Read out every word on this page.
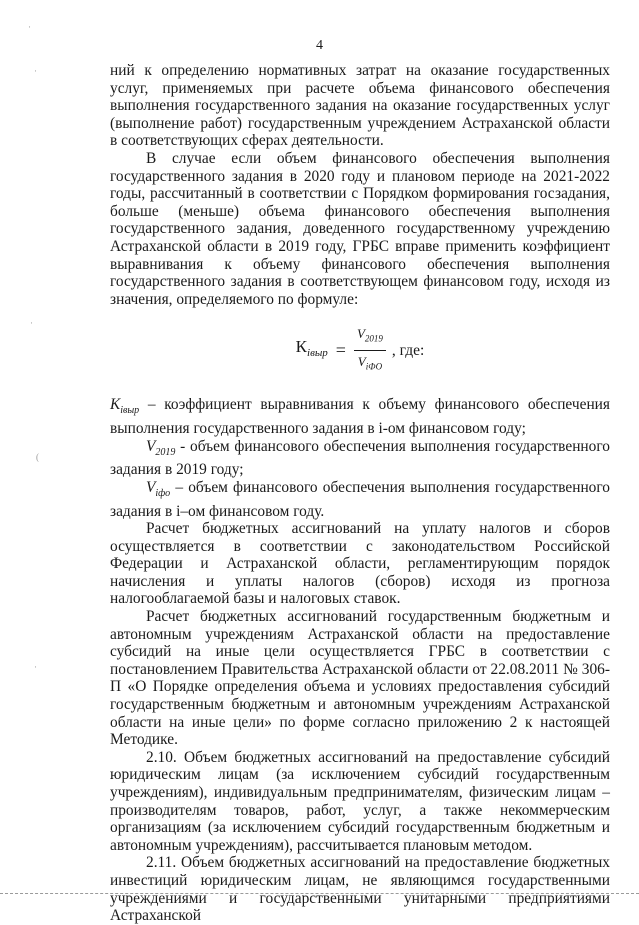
4

ний к определению нормативных затрат на оказание государственных услуг, применяемых при расчете объема финансового обеспечения выполнения государственного задания на оказание государственных услуг (выполнение работ) государственным учреждением Астраханской области в соответствующих сферах деятельности.

В случае если объем финансового обеспечения выполнения государственного задания в 2020 году и плановом периоде на 2021-2022 годы, рассчитанный в соответствии с Порядком формирования госзадания, больше (меньше) объема финансового обеспечения выполнения государственного задания, доведенного государственному учреждению Астраханской области в 2019 году, ГРБС вправе применить коэффициент выравнивания к объему финансового обеспечения выполнения государственного задания в соответствующем финансовом году, исходя из значения, определяемого по формуле:

$К_{iвыр} = \frac{V_{2019}}{V_{iФО}}$ , где:

$К_{iвыр}$ – коэффициент выравнивания к объему финансового обеспечения выполнения государственного задания в i-ом финансовом году;

$V_{2019}$ - объем финансового обеспечения выполнения государственного задания в 2019 году;

$V_{iфо}$ – объем финансового обеспечения выполнения государственного задания в i–ом финансовом году.

Расчет бюджетных ассигнований на уплату налогов и сборов осуществляется в соответствии с законодательством Российской Федерации и Астраханской области, регламентирующим порядок начисления и уплаты налогов (сборов) исходя из прогноза налогооблагаемой базы и налоговых ставок.

Расчет бюджетных ассигнований государственным бюджетным и автономным учреждениям Астраханской области на предоставление субсидий на иные цели осуществляется ГРБС в соответствии с постановлением Правительства Астраханской области от 22.08.2011 № 306-П «О Порядке определения объема и условиях предоставления субсидий государственным бюджетным и автономным учреждениям Астраханской области на иные цели» по форме согласно приложению 2 к настоящей Методике.

2.10. Объем бюджетных ассигнований на предоставление субсидий юридическим лицам (за исключением субсидий государственным учреждениям), индивидуальным предпринимателям, физическим лицам – производителям товаров, работ, услуг, а также некоммерческим организациям (за исключением субсидий государственным бюджетным и автономным учреждениям), рассчитывается плановым методом.

2.11. Объем бюджетных ассигнований на предоставление бюджетных инвестиций юридическим лицам, не являющимся государственными учреждениями и государственными унитарными предприятиями Астраханской

·
·
·
(
·
